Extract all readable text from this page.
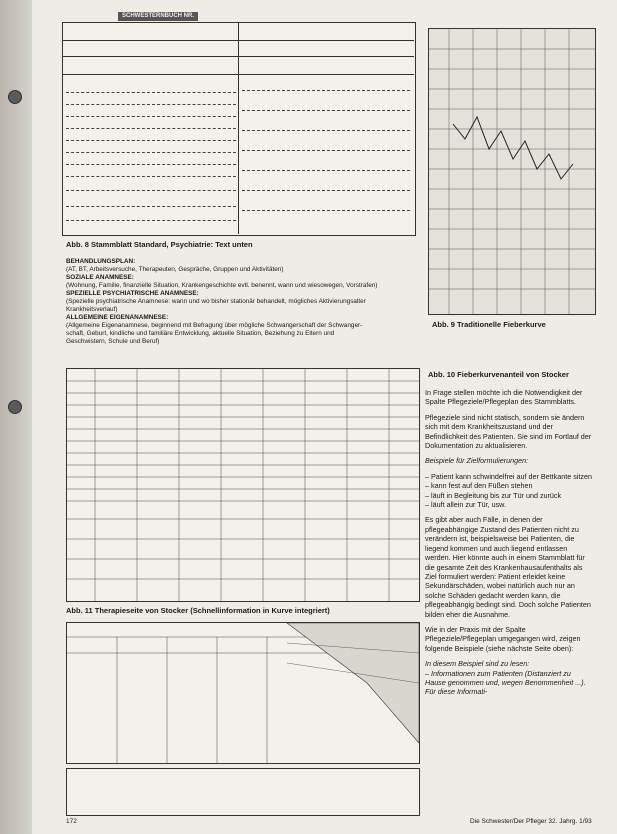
SCHWESTERNBUCH NR.
Abb. 8 Stammblatt Standard, Psychiatrie: Text unten
BEHANDLUNGSPLAN:
(AT, BT, Arbeitsversuche, Therapeuten, Gespräche, Gruppen und Aktivitäten)
SOZIALE ANAMNESE:
(Wohnung, Familie, finanzielle Situation, Krankengeschichte evtl. benennt, wann und wiesowegen, Vorstrafen)
SPEZIELLE PSYCHIATRISCHE ANAMNESE:
(Spezielle psychiatrische Anamnese: wann und wo bisher stationär behandelt, mögliches Aktivierungsalter
Krankheitsverlauf)
ALLGEMEINE EIGENANAMNESE:
(Allgemeine Eigenanamnese, beginnend mit Befragung über mögliche Schwangerschaft der Schwanger-
schaft, Geburt, kindliche und familiäre Entwicklung, aktuelle Situation, Beziehung zu Eltern und
Geschwistern, Schule und Beruf)
Abb. 9 Traditionelle Fieberkurve
Abb. 10 Fieberkurvenanteil von Stocker
Abb. 11 Therapieseite von Stocker (Schnellinformation in Kurve integriert)

In Frage stellen möchte ich die Notwendigkeit der Spalte Pflegeziele/Pflegeplan des Stammblatts.

Pflegeziele sind nicht statisch, sondern sie ändern sich mit dem Krankheitszustand und der Befindlichkeit des Patienten. Sie sind im Fortlauf der Dokumentation zu aktualisieren.

Beispiele für Zielformulierungen:

– Patient kann schwindelfrei auf der Bettkante sitzen
– kann fest auf den Füßen stehen
– läuft in Begleitung bis zur Tür und zurück
– läuft allein zur Tür, usw.

Es gibt aber auch Fälle, in denen der pflegeabhängige Zustand des Patienten nicht zu verändern ist, beispielsweise bei Patienten, die liegend kommen und auch liegend entlassen werden. Hier könnte auch in einem Stammblatt für die gesamte Zeit des Krankenhausaufenthalts als Ziel formuliert werden: Patient erleidet keine Sekundärschäden, wobei natürlich auch nur an solche Schäden gedacht werden kann, die pflegeabhängig bedingt sind. Doch solche Patienten bilden eher die Ausnahme.

Wie in der Praxis mit der Spalte Pflegeziele/Pflegeplan umgegangen wird, zeigen folgende Beispiele (siehe nächste Seite oben):

In diesem Beispiel sind zu lesen:

– Informationen zum Patienten (Distanziert zu Hause genommen und, wegen Benommenheit ...). Für diese Informati-
172	Die Schwester/Der Pfleger 32. Jahrg. 1/93
